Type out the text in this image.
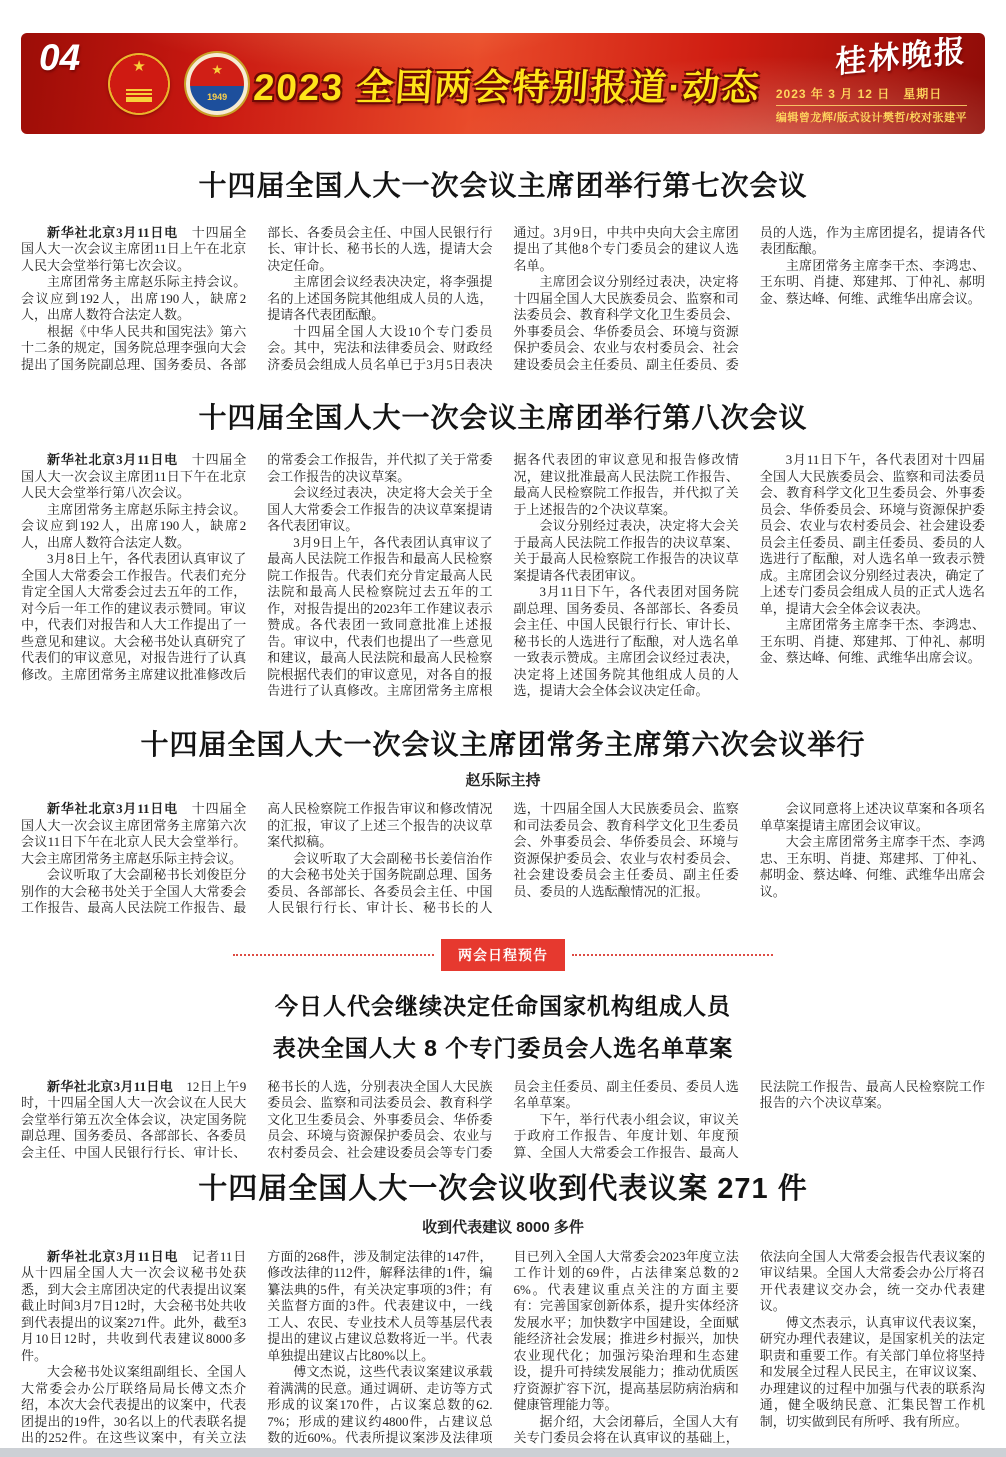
04	★	★
1949 2023 全国两会特别报道·动态
桂林晚报
2023 年 3 月 12 日　星期日
编辑曾龙辉/版式设计樊哲/校对张建平
十四届全国人大一次会议主席团举行第七次会议

新华社北京3月11日电　十四届全国人大一次会议主席团11日上午在北京人民大会堂举行第七次会议。

主席团常务主席赵乐际主持会议。会议应到192人，出席190人，缺席2人，出席人数符合法定人数。

根据《中华人民共和国宪法》第六十二条的规定，国务院总理李强向大会提出了国务院副总理、国务委员、各部部长、各委员会主任、中国人民银行行长、审计长、秘书长的人选，提请大会决定任命。

主席团会议经表决决定，将李强提名的上述国务院其他组成人员的人选，提请各代表团酝酿。

十四届全国人大设10个专门委员会。其中，宪法和法律委员会、财政经济委员会组成人员名单已于3月5日表决通过。3月9日，中共中央向大会主席团提出了其他8个专门委员会的建议人选名单。

主席团会议分别经过表决，决定将十四届全国人大民族委员会、监察和司法委员会、教育科学文化卫生委员会、外事委员会、华侨委员会、环境与资源保护委员会、农业与农村委员会、社会建设委员会主任委员、副主任委员、委员的人选，作为主席团提名，提请各代表团酝酿。

主席团常务主席李干杰、李鸿忠、王东明、肖捷、郑建邦、丁仲礼、郝明金、蔡达峰、何维、武维华出席会议。

十四届全国人大一次会议主席团举行第八次会议

新华社北京3月11日电　十四届全国人大一次会议主席团11日下午在北京人民大会堂举行第八次会议。

主席团常务主席赵乐际主持会议。会议应到192人，出席190人，缺席2人，出席人数符合法定人数。

3月8日上午，各代表团认真审议了全国人大常委会工作报告。代表们充分肯定全国人大常委会过去五年的工作，对今后一年工作的建议表示赞同。审议中，代表们对报告和人大工作提出了一些意见和建议。大会秘书处认真研究了代表们的审议意见，对报告进行了认真修改。主席团常务主席建议批准修改后的常委会工作报告，并代拟了关于常委会工作报告的决议草案。

会议经过表决，决定将大会关于全国人大常委会工作报告的决议草案提请各代表团审议。

3月9日上午，各代表团认真审议了最高人民法院工作报告和最高人民检察院工作报告。代表们充分肯定最高人民法院和最高人民检察院过去五年的工作，对报告提出的2023年工作建议表示赞成。各代表团一致同意批准上述报告。审议中，代表们也提出了一些意见和建议，最高人民法院和最高人民检察院根据代表们的审议意见，对各自的报告进行了认真修改。主席团常务主席根据各代表团的审议意见和报告修改情况，建议批准最高人民法院工作报告、最高人民检察院工作报告，并代拟了关于上述报告的2个决议草案。

会议分别经过表决，决定将大会关于最高人民法院工作报告的决议草案、关于最高人民检察院工作报告的决议草案提请各代表团审议。

3月11日下午，各代表团对国务院副总理、国务委员、各部部长、各委员会主任、中国人民银行行长、审计长、秘书长的人选进行了酝酿，对人选名单一致表示赞成。主席团会议经过表决，决定将上述国务院其他组成人员的人选，提请大会全体会议决定任命。

3月11日下午，各代表团对十四届全国人大民族委员会、监察和司法委员会、教育科学文化卫生委员会、外事委员会、华侨委员会、环境与资源保护委员会、农业与农村委员会、社会建设委员会主任委员、副主任委员、委员的人选进行了酝酿，对人选名单一致表示赞成。主席团会议分别经过表决，确定了上述专门委员会组成人员的正式人选名单，提请大会全体会议表决。

主席团常务主席李干杰、李鸿忠、王东明、肖捷、郑建邦、丁仲礼、郝明金、蔡达峰、何维、武维华出席会议。

十四届全国人大一次会议主席团常务主席第六次会议举行
赵乐际主持

新华社北京3月11日电　十四届全国人大一次会议主席团常务主席第六次会议11日下午在北京人民大会堂举行。大会主席团常务主席赵乐际主持会议。

会议听取了大会副秘书长刘俊臣分别作的大会秘书处关于全国人大常委会工作报告、最高人民法院工作报告、最高人民检察院工作报告审议和修改情况的汇报，审议了上述三个报告的决议草案代拟稿。

会议听取了大会副秘书长姜信治作的大会秘书处关于国务院副总理、国务委员、各部部长、各委员会主任、中国人民银行行长、审计长、秘书长的人选，十四届全国人大民族委员会、监察和司法委员会、教育科学文化卫生委员会、外事委员会、华侨委员会、环境与资源保护委员会、农业与农村委员会、社会建设委员会主任委员、副主任委员、委员的人选酝酿情况的汇报。

会议同意将上述决议草案和各项名单草案提请主席团会议审议。

大会主席团常务主席李干杰、李鸿忠、王东明、肖捷、郑建邦、丁仲礼、郝明金、蔡达峰、何维、武维华出席会议。

两会日程预告
今日人代会继续决定任命国家机构组成人员
表决全国人大 8 个专门委员会人选名单草案

新华社北京3月11日电　12日上午9时，十四届全国人大一次会议在人民大会堂举行第五次全体会议，决定国务院副总理、国务委员、各部部长、各委员会主任、中国人民银行行长、审计长、秘书长的人选，分别表决全国人大民族委员会、监察和司法委员会、教育科学文化卫生委员会、外事委员会、华侨委员会、环境与资源保护委员会、农业与农村委员会、社会建设委员会等专门委员会主任委员、副主任委员、委员人选名单草案。

下午，举行代表小组会议，审议关于政府工作报告、年度计划、年度预算、全国人大常委会工作报告、最高人民法院工作报告、最高人民检察院工作报告的六个决议草案。

十四届全国人大一次会议收到代表议案 271 件
收到代表建议 8000 多件

新华社北京3月11日电　记者11日从十四届全国人大一次会议秘书处获悉，到大会主席团决定的代表提出议案截止时间3月7日12时，大会秘书处共收到代表提出的议案271件。此外，截至3月10日12时，共收到代表建议8000多件。

大会秘书处议案组副组长、全国人大常委会办公厅联络局局长傅文杰介绍，本次大会代表提出的议案中，代表团提出的19件，30名以上的代表联名提出的252件。在这些议案中，有关立法方面的268件，涉及制定法律的147件，修改法律的112件，解释法律的1件，编纂法典的5件，有关决定事项的3件；有关监督方面的3件。代表建议中，一线工人、农民、专业技术人员等基层代表提出的建议占建议总数将近一半。代表单独提出建议占比80%以上。

傅文杰说，这些代表议案建议承载着满满的民意。通过调研、走访等方式形成的议案170件，占议案总数的62.7%；形成的建议约4800件，占建议总数的近60%。代表所提议案涉及法律项目已列入全国人大常委会2023年度立法工作计划的69件，占法律案总数的26%。代表建议重点关注的方面主要有：完善国家创新体系，提升实体经济发展水平；加快数字中国建设，全面赋能经济社会发展；推进乡村振兴，加快农业现代化；加强污染治理和生态建设，提升可持续发展能力；推动优质医疗资源扩容下沉，提高基层防病治病和健康管理能力等。

据介绍，大会闭幕后，全国人大有关专门委员会将在认真审议的基础上，依法向全国人大常委会报告代表议案的审议结果。全国人大常委会办公厅将召开代表建议交办会，统一交办代表建议。

傅文杰表示，认真审议代表议案，研究办理代表建议，是国家机关的法定职责和重要工作。有关部门单位将坚持和发展全过程人民民主，在审议议案、办理建议的过程中加强与代表的联系沟通，健全吸纳民意、汇集民智工作机制，切实做到民有所呼、我有所应。
